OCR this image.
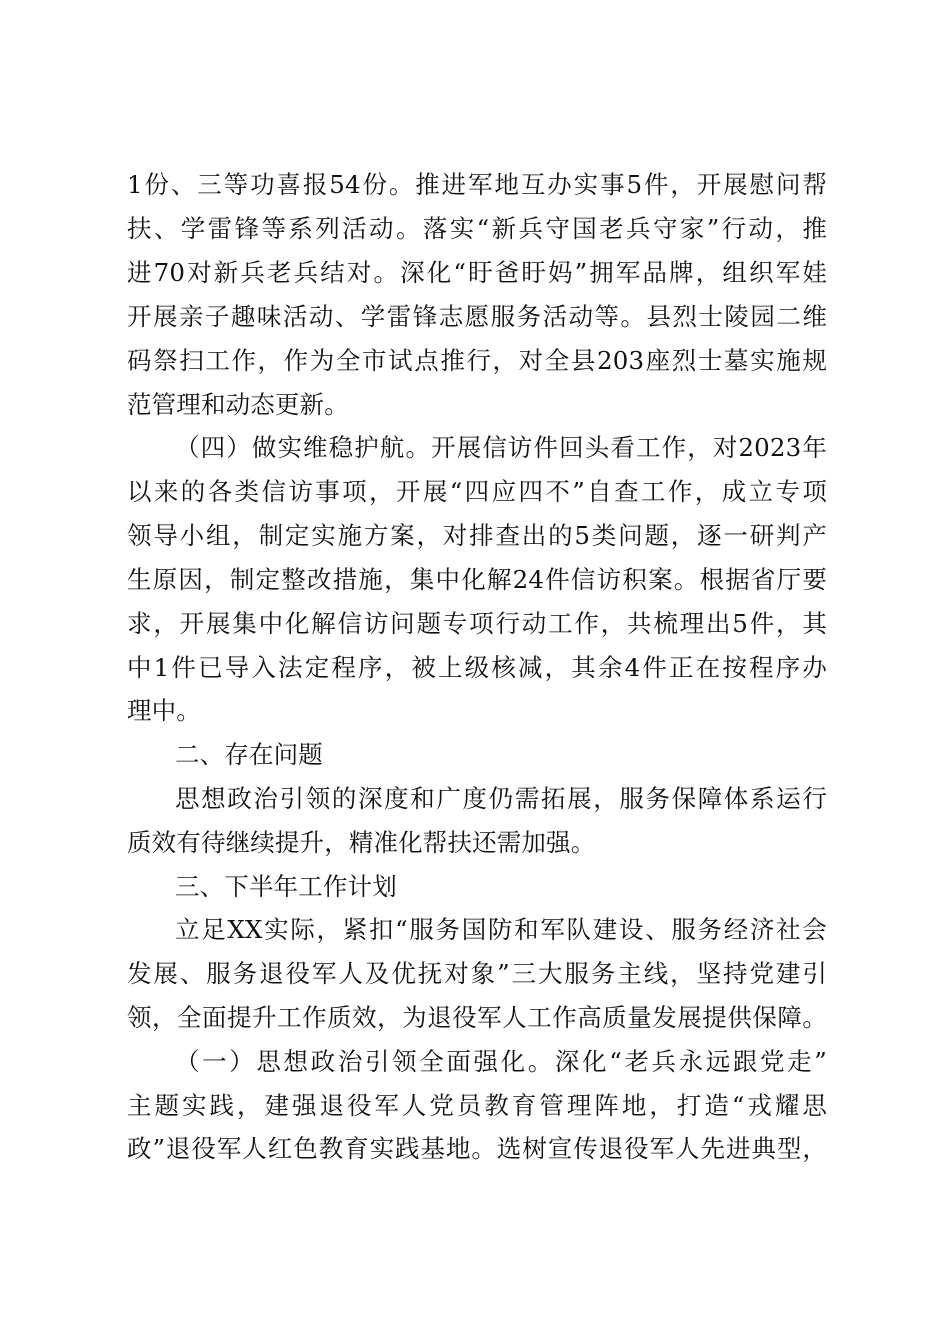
1份、三等功喜报54份。推进军地互办实事5件，开展慰问帮
扶、学雷锋等系列活动。落实“新兵守国老兵守家”行动，推
进70对新兵老兵结对。深化“盱爸盱妈”拥军品牌，组织军娃
开展亲子趣味活动、学雷锋志愿服务活动等。县烈士陵园二维
码祭扫工作，作为全市试点推行，对全县203座烈士墓实施规
范管理和动态更新。
（四）做实维稳护航。开展信访件回头看工作，对2023年
以来的各类信访事项，开展“四应四不”自查工作，成立专项
领导小组，制定实施方案，对排查出的5类问题，逐一研判产
生原因，制定整改措施，集中化解24件信访积案。根据省厅要
求，开展集中化解信访问题专项行动工作，共梳理出5件，其
中1件已导入法定程序，被上级核减，其余4件正在按程序办
理中。
二、存在问题
思想政治引领的深度和广度仍需拓展，服务保障体系运行
质效有待继续提升，精准化帮扶还需加强。
三、下半年工作计划
立足XX实际，紧扣“服务国防和军队建设、服务经济社会
发展、服务退役军人及优抚对象”三大服务主线，坚持党建引
领，全面提升工作质效，为退役军人工作高质量发展提供保障。
（一）思想政治引领全面强化。深化“老兵永远跟党走”
主题实践，建强退役军人党员教育管理阵地，打造“戎耀思
政”退役军人红色教育实践基地。选树宣传退役军人先进典型，
